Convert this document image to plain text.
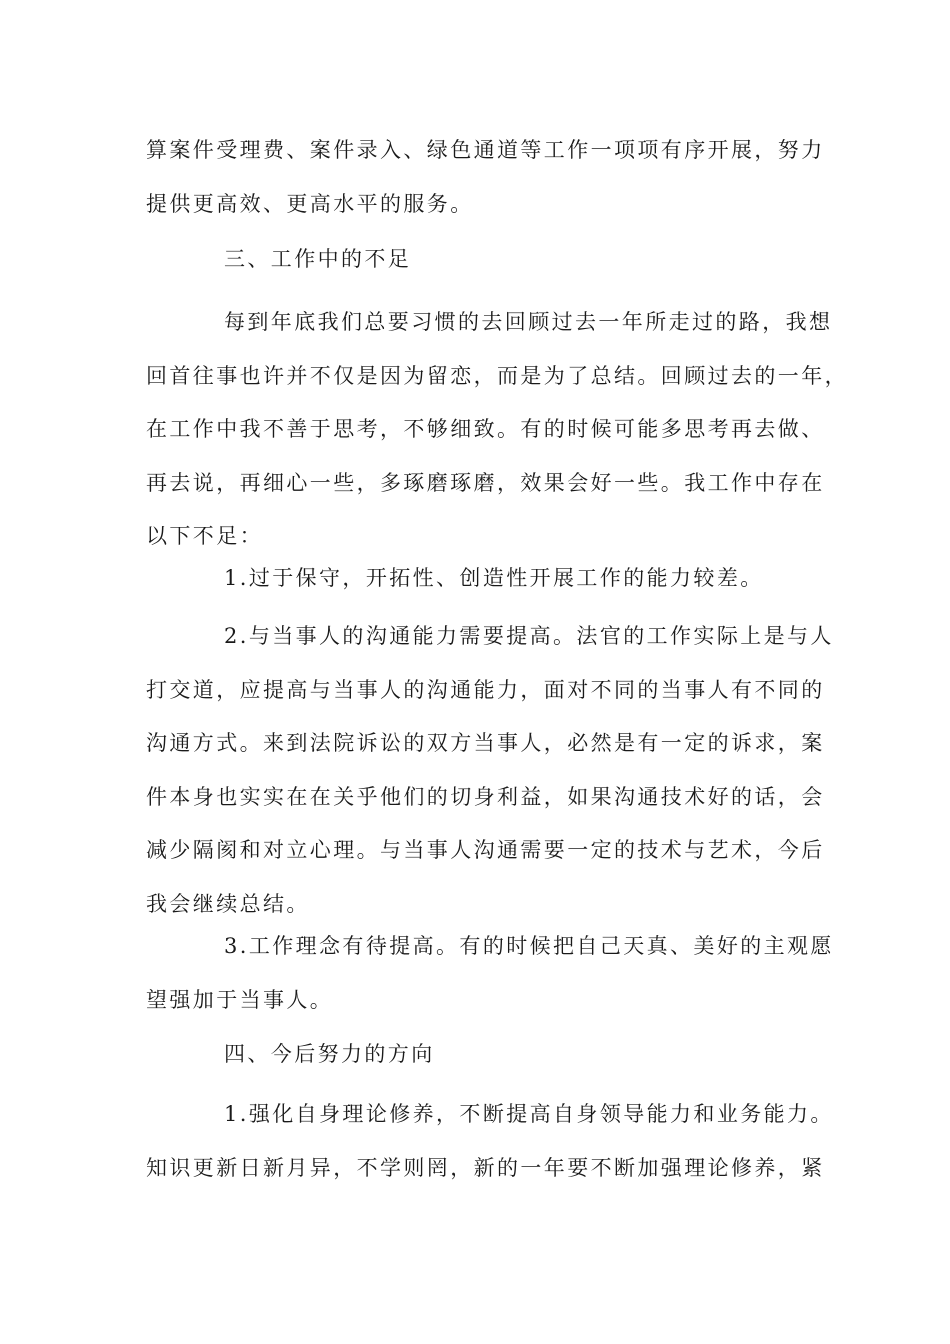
算案件受理费、案件录入、绿色通道等工作一项项有序开展，努力
提供更高效、更高水平的服务。
三、工作中的不足
每到年底我们总要习惯的去回顾过去一年所走过的路，我想
回首往事也许并不仅是因为留恋，而是为了总结。回顾过去的一年，
在工作中我不善于思考，不够细致。有的时候可能多思考再去做、
再去说，再细心一些，多琢磨琢磨，效果会好一些。我工作中存在
以下不足：
1.过于保守，开拓性、创造性开展工作的能力较差。
2.与当事人的沟通能力需要提高。法官的工作实际上是与人
打交道，应提高与当事人的沟通能力，面对不同的当事人有不同的
沟通方式。来到法院诉讼的双方当事人，必然是有一定的诉求，案
件本身也实实在在关乎他们的切身利益，如果沟通技术好的话，会
减少隔阂和对立心理。与当事人沟通需要一定的技术与艺术，今后
我会继续总结。
3.工作理念有待提高。有的时候把自己天真、美好的主观愿
望强加于当事人。
四、今后努力的方向
1.强化自身理论修养，不断提高自身领导能力和业务能力。
知识更新日新月异，不学则罔，新的一年要不断加强理论修养，紧
